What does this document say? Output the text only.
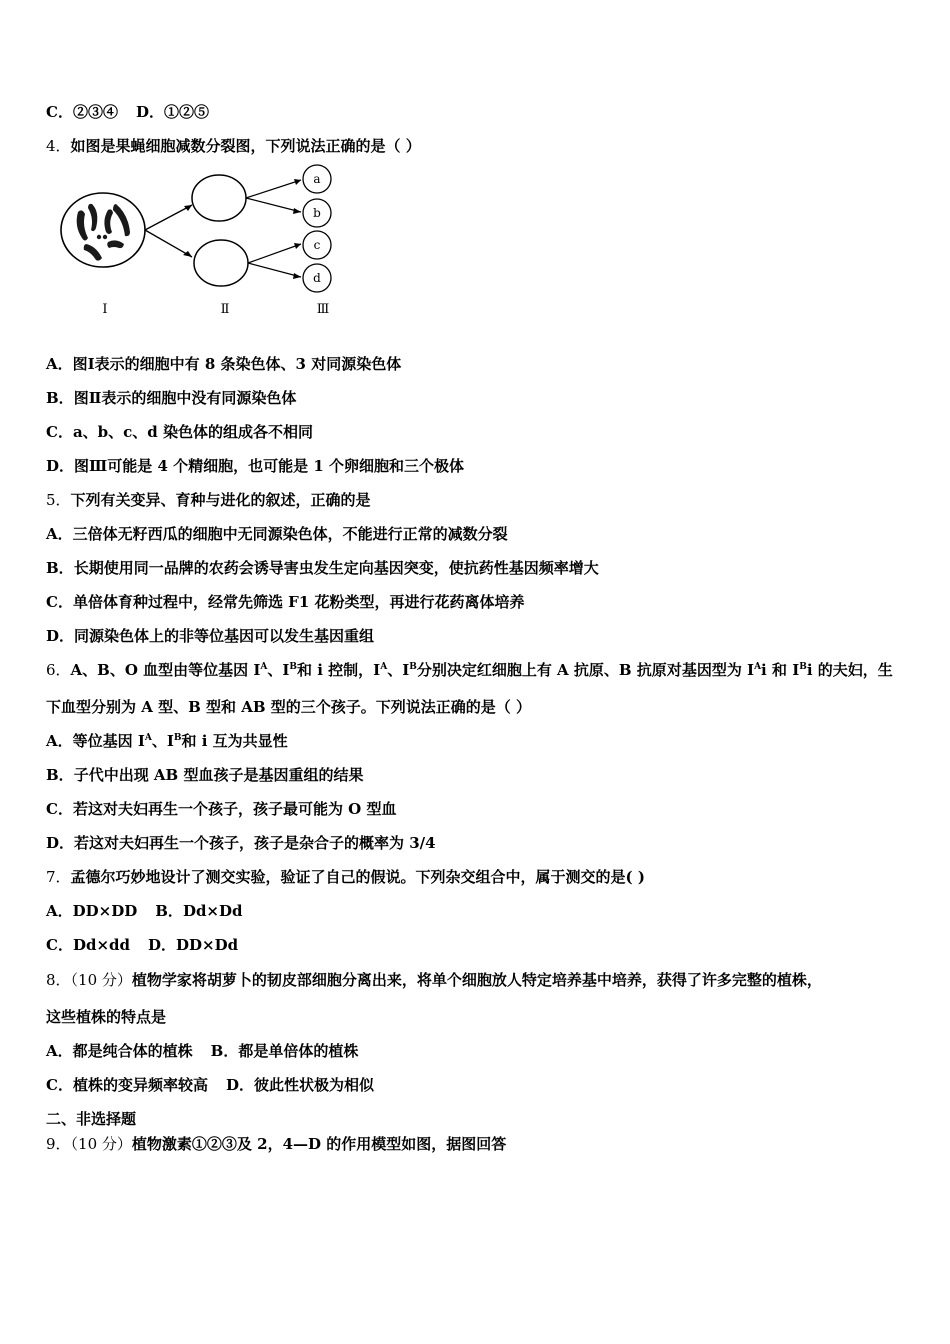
C．②③④ D．①②⑤
4．如图是果蝇细胞减数分裂图，下列说法正确的是（ ）
a
b
c
d
Ⅰ	Ⅱ	Ⅲ
A．图Ⅰ表示的细胞中有 8 条染色体、3 对同源染色体
B．图Ⅱ表示的细胞中没有同源染色体
C．a、b、c、d 染色体的组成各不相同
D．图Ⅲ可能是 4 个精细胞，也可能是 1 个卵细胞和三个极体
5．下列有关变异、育种与进化的叙述，正确的是
A．三倍体无籽西瓜的细胞中无同源染色体，不能进行正常的减数分裂
B．长期使用同一品牌的农药会诱导害虫发生定向基因突变，使抗药性基因频率增大
C．单倍体育种过程中，经常先筛选 F1 花粉类型，再进行花药离体培养
D．同源染色体上的非等位基因可以发生基因重组
6．A、B、O 血型由等位基因 $I^A$、$I^B$和 i 控制，$I^A$、$I^B$分别决定红细胞上有 A 抗原、B 抗原对基因型为 $I^Ai$ 和 $I^Bi$ 的夫妇，生
下血型分别为 A 型、B 型和 AB 型的三个孩子。下列说法正确的是（ ）
A．等位基因 $I^A$、$I^B$和 i 互为共显性
B．子代中出现 AB 型血孩子是基因重组的结果
C．若这对夫妇再生一个孩子，孩子最可能为 O 型血
D．若这对夫妇再生一个孩子，孩子是杂合子的概率为 3/4
7．孟德尔巧妙地设计了测交实验，验证了自己的假说。下列杂交组合中，属于测交的是( )
A．DD×DD B．Dd×Dd
C．Dd×dd D．DD×Dd
8．（10 分）植物学家将胡萝卜的韧皮部细胞分离出来，将单个细胞放人特定培养基中培养，获得了许多完整的植株，
这些植株的特点是
A．都是纯合体的植株 B．都是单倍体的植株
C．植株的变异频率较高 D．彼此性状极为相似
二、非选择题
9．（10 分）植物激素①②③及 2，4—D 的作用模型如图，据图回答
